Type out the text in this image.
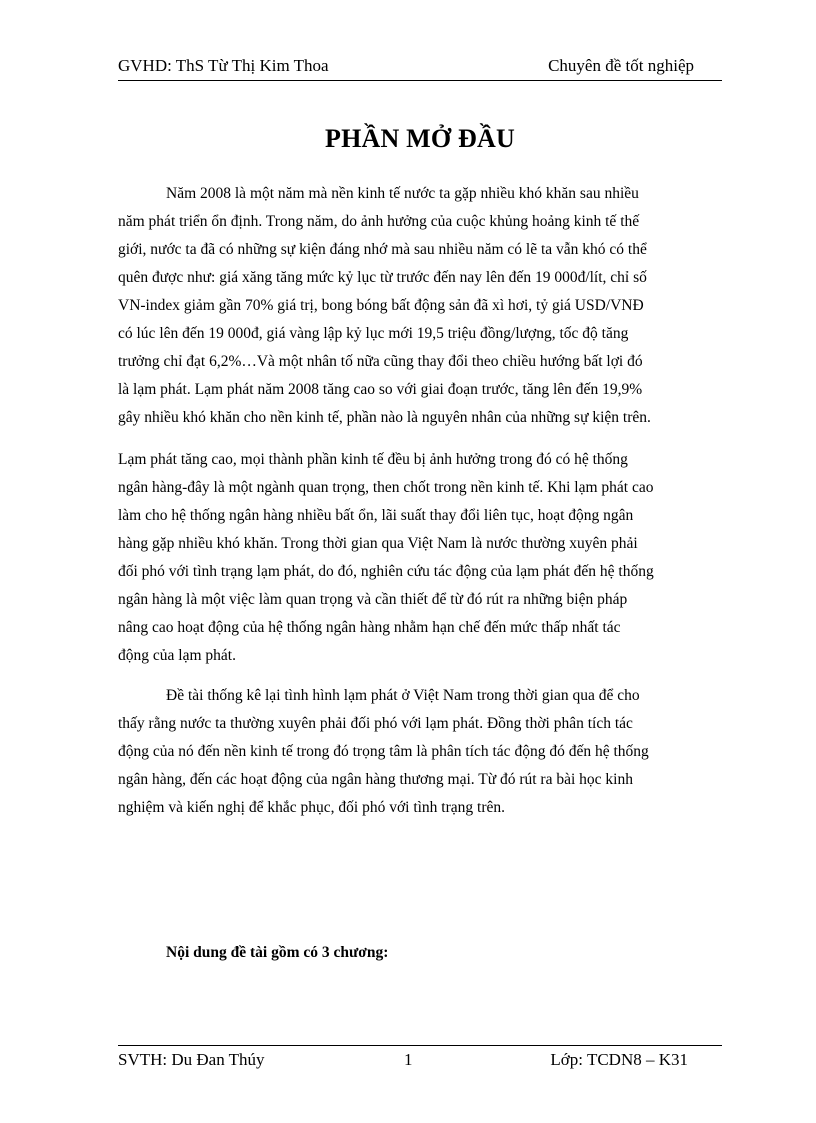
GVHD: ThS Từ Thị Kim Thoa	Chuyên đề tốt nghiệp
PHẦN MỞ ĐẦU

Năm 2008 là một năm mà nền kinh tế nước ta gặp nhiều khó khăn sau nhiều
năm phát triển ổn định. Trong năm, do ảnh hưởng của cuộc khủng hoảng kinh tế thế
giới, nước ta đã có những sự kiện đáng nhớ mà sau nhiều năm có lẽ ta vẫn khó có thể
quên được như: giá xăng tăng mức kỷ lục từ trước đến nay lên đến 19 000đ/lít, chỉ số
VN-index giảm gần 70% giá trị, bong bóng bất động sản đã xì hơi, tỷ giá USD/VNĐ
có lúc lên đến 19 000đ, giá vàng lập kỷ lục mới 19,5 triệu đồng/lượng, tốc độ tăng
trưởng chỉ đạt 6,2%…Và một nhân tố nữa cũng thay đổi theo chiều hướng bất lợi đó
là lạm phát. Lạm phát năm 2008 tăng cao so với giai đoạn trước, tăng lên đến 19,9%
gây nhiều khó khăn cho nền kinh tế, phần nào là nguyên nhân của những sự kiện trên.

Lạm phát tăng cao, mọi thành phần kinh tế đều bị ảnh hưởng trong đó có hệ thống
ngân hàng-đây là một ngành quan trọng, then chốt trong nền kinh tế. Khi lạm phát cao
làm cho hệ thống ngân hàng nhiều bất ổn, lãi suất thay đổi liên tục, hoạt động ngân
hàng gặp nhiều khó khăn. Trong thời gian qua Việt Nam là nước thường xuyên phải
đối phó với tình trạng lạm phát, do đó, nghiên cứu tác động của lạm phát đến hệ thống
ngân hàng là một việc làm quan trọng và cần thiết để từ đó rút ra những biện pháp
nâng cao hoạt động của hệ thống ngân hàng nhằm hạn chế đến mức thấp nhất tác
động của lạm phát.

Đề tài thống kê lại tình hình lạm phát ở Việt Nam trong thời gian qua để cho
thấy rằng nước ta thường xuyên phải đối phó với lạm phát. Đồng thời phân tích tác
động của nó đến nền kinh tế trong đó trọng tâm là phân tích tác động đó đến hệ thống
ngân hàng, đến các hoạt động của ngân hàng thương mại. Từ đó rút ra bài học kinh
nghiệm và kiến nghị để khắc phục, đối phó với tình trạng trên.

Nội dung đề tài gồm có 3 chương:
SVTH: Du Đan Thúy	1	Lớp: TCDN8 – K31
